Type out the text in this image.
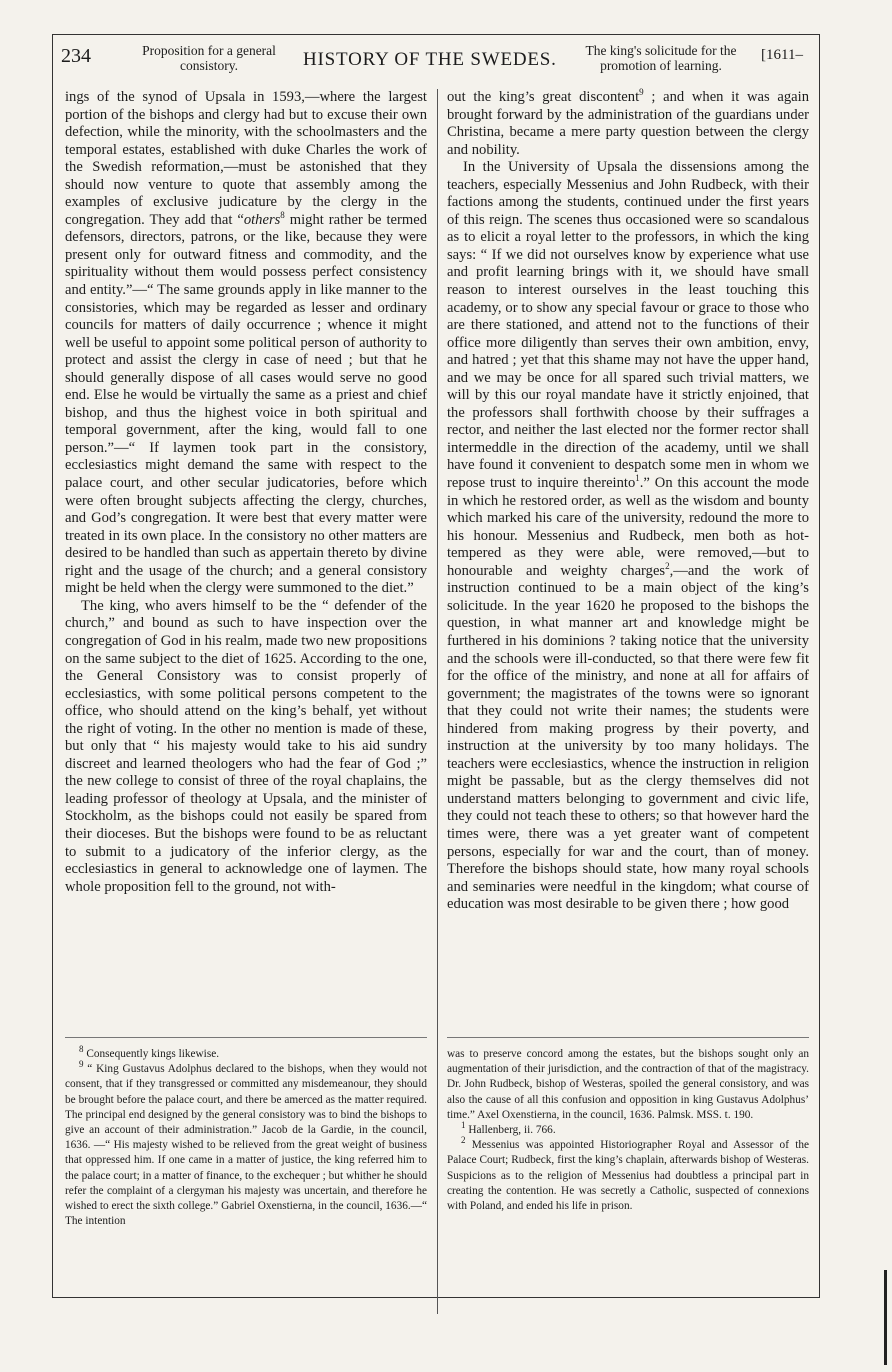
234	Proposition for a general consistory.	HISTORY OF THE SWEDES.	The king's solicitude for the promotion of learning.
[1611–

ings of the synod of Upsala in 1593,—where the largest portion of the bishops and clergy had but to excuse their own defection, while the minority, with the schoolmasters and the temporal estates, established with duke Charles the work of the Swedish reformation,—must be astonished that they should now venture to quote that assembly among the examples of exclusive judicature by the clergy in the congregation. They add that “others$^8$ might rather be termed defensors, directors, patrons, or the like, because they were present only for outward fitness and commodity, and the spirituality without them would possess perfect consistency and entity.”—“ The same grounds apply in like manner to the consistories, which may be regarded as lesser and ordinary councils for matters of daily occurrence ; whence it might well be useful to appoint some political person of authority to protect and assist the clergy in case of need ; but that he should generally dispose of all cases would serve no good end. Else he would be virtually the same as a priest and chief bishop, and thus the highest voice in both spiritual and temporal government, after the king, would fall to one person.”—“ If laymen took part in the consistory, ecclesiastics might demand the same with respect to the palace court, and other secular judicatories, before which were often brought subjects affecting the clergy, churches, and God’s congregation. It were best that every matter were treated in its own place. In the consistory no other matters are desired to be handled than such as appertain thereto by divine right and the usage of the church; and a general consistory might be held when the clergy were summoned to the diet.”

The king, who avers himself to be the “ defender of the church,” and bound as such to have inspection over the congregation of God in his realm, made two new propositions on the same subject to the diet of 1625. According to the one, the General Consistory was to consist properly of ecclesiastics, with some political persons competent to the office, who should attend on the king’s behalf, yet without the right of voting. In the other no mention is made of these, but only that “ his majesty would take to his aid sundry discreet and learned theologers who had the fear of God ;” the new college to consist of three of the royal chaplains, the leading professor of theology at Upsala, and the minister of Stockholm, as the bishops could not easily be spared from their dioceses. But the bishops were found to be as reluctant to submit to a judicatory of the inferior clergy, as the ecclesiastics in general to acknowledge one of laymen. The whole proposition fell to the ground, not with-

out the king’s great discontent$^9$ ; and when it was again brought forward by the administration of the guardians under Christina, became a mere party question between the clergy and nobility.

In the University of Upsala the dissensions among the teachers, especially Messenius and John Rudbeck, with their factions among the students, continued under the first years of this reign. The scenes thus occasioned were so scandalous as to elicit a royal letter to the professors, in which the king says: “ If we did not ourselves know by experience what use and profit learning brings with it, we should have small reason to interest ourselves in the least touching this academy, or to show any special favour or grace to those who are there stationed, and attend not to the functions of their office more diligently than serves their own ambition, envy, and hatred ; yet that this shame may not have the upper hand, and we may be once for all spared such trivial matters, we will by this our royal mandate have it strictly enjoined, that the professors shall forthwith choose by their suffrages a rector, and neither the last elected nor the former rector shall intermeddle in the direction of the academy, until we shall have found it convenient to despatch some men in whom we repose trust to inquire thereinto$^1$.” On this account the mode in which he restored order, as well as the wisdom and bounty which marked his care of the university, redound the more to his honour. Messenius and Rudbeck, men both as hot-tempered as they were able, were removed,—but to honourable and weighty charges$^2$,—and the work of instruction continued to be a main object of the king’s solicitude. In the year 1620 he proposed to the bishops the question, in what manner art and knowledge might be furthered in his dominions ? taking notice that the university and the schools were ill-conducted, so that there were few fit for the office of the ministry, and none at all for affairs of government; the magistrates of the towns were so ignorant that they could not write their names; the students were hindered from making progress by their poverty, and instruction at the university by too many holidays. The teachers were ecclesiastics, whence the instruction in religion might be passable, but as the clergy themselves did not understand matters belonging to government and civic life, they could not teach these to others; so that however hard the times were, there was a yet greater want of competent persons, especially for war and the court, than of money. Therefore the bishops should state, how many royal schools and seminaries were needful in the kingdom; what course of education was most desirable to be given there ; how good

$^8$ Consequently kings likewise.

$^9$ “ King Gustavus Adolphus declared to the bishops, when they would not consent, that if they transgressed or committed any misdemeanour, they should be brought before the palace court, and there be amerced as the matter required. The principal end designed by the general consistory was to bind the bishops to give an account of their administration.” Jacob de la Gardie, in the council, 1636. —“ His majesty wished to be relieved from the great weight of business that oppressed him. If one came in a matter of justice, the king referred him to the palace court; in a matter of finance, to the exchequer ; but whither he should refer the complaint of a clergyman his majesty was uncertain, and therefore he wished to erect the sixth college.” Gabriel Oxenstierna, in the council, 1636.—“ The intention

was to preserve concord among the estates, but the bishops sought only an augmentation of their jurisdiction, and the contraction of that of the magistracy. Dr. John Rudbeck, bishop of Westeras, spoiled the general consistory, and was also the cause of all this confusion and opposition in king Gustavus Adolphus’ time.” Axel Oxenstierna, in the council, 1636. Palmsk. MSS. t. 190.

$^1$ Hallenberg, ii. 766.

$^2$ Messenius was appointed Historiographer Royal and Assessor of the Palace Court; Rudbeck, first the king’s chaplain, afterwards bishop of Westeras. Suspicions as to the religion of Messenius had doubtless a principal part in creating the contention. He was secretly a Catholic, suspected of connexions with Poland, and ended his life in prison.
